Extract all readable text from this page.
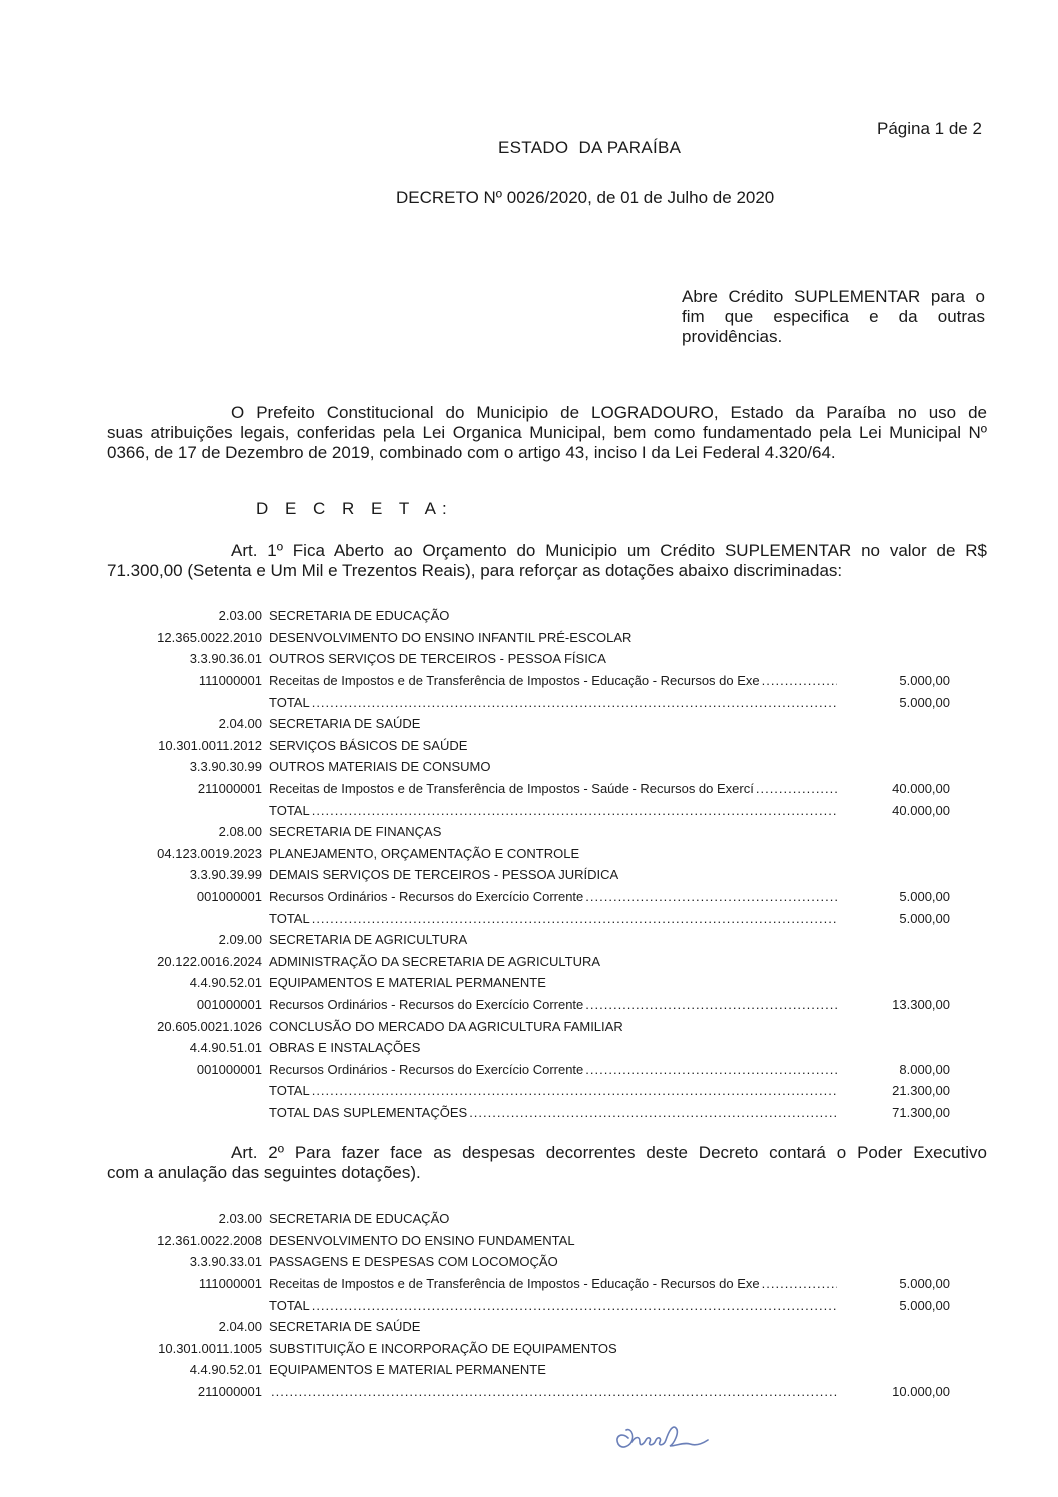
Página 1 de 2
ESTADO  DA PARAÍBA
DECRETO Nº 0026/2020, de 01 de Julho de 2020
Abre Crédito SUPLEMENTAR para o
fim que especifica e da outras
providências.
O Prefeito Constitucional do Municipio de LOGRADOURO, Estado da Paraíba no uso de
suas atribuições legais, conferidas pela Lei Organica Municipal, bem como fundamentado pela Lei Municipal Nº
0366, de 17 de Dezembro de 2019, combinado com o artigo 43, inciso I da Lei Federal 4.320/64.
D E C R E T A:
Art. 1º Fica Aberto ao Orçamento do Municipio um Crédito SUPLEMENTAR no valor de R$
71.300,00 (Setenta e Um Mil e Trezentos Reais), para reforçar as dotações abaixo discriminadas:
2.03.00 SECRETARIA DE EDUCAÇÃO
12.365.0022.2010 DESENVOLVIMENTO DO ENSINO INFANTIL PRÉ-ESCOLAR
3.3.90.36.01 OUTROS SERVIÇOS DE TERCEIROS - PESSOA FÍSICA
111000001 Receitas de Impostos e de Transferência de Impostos - Educação - Recursos do Exe .....	5.000,00
TOTAL .....	5.000,00
2.04.00 SECRETARIA DE SAÚDE
10.301.0011.2012 SERVIÇOS BÁSICOS DE SAÚDE
3.3.90.30.99 OUTROS MATERIAIS DE CONSUMO
211000001 Receitas de Impostos e de Transferência de Impostos - Saúde - Recursos do Exercí .....	40.000,00
TOTAL .....	40.000,00
2.08.00 SECRETARIA DE FINANÇAS
04.123.0019.2023 PLANEJAMENTO, ORÇAMENTAÇÃO E CONTROLE
3.3.90.39.99 DEMAIS SERVIÇOS DE TERCEIROS - PESSOA JURÍDICA
001000001 Recursos Ordinários - Recursos do Exercício Corrente .....	5.000,00
TOTAL .....	5.000,00
2.09.00 SECRETARIA DE AGRICULTURA
20.122.0016.2024 ADMINISTRAÇÃO DA SECRETARIA DE AGRICULTURA
4.4.90.52.01 EQUIPAMENTOS E MATERIAL PERMANENTE
001000001 Recursos Ordinários - Recursos do Exercício Corrente .....	13.300,00
20.605.0021.1026 CONCLUSÃO DO MERCADO DA AGRICULTURA FAMILIAR
4.4.90.51.01 OBRAS E INSTALAÇÕES
001000001 Recursos Ordinários - Recursos do Exercício Corrente .....	8.000,00
TOTAL .....	21.300,00
TOTAL DAS SUPLEMENTAÇÕES .....	71.300,00
Art. 2º Para fazer face as despesas decorrentes deste Decreto contará o Poder Executivo
com a anulação das seguintes dotações).
2.03.00 SECRETARIA DE EDUCAÇÃO
12.361.0022.2008 DESENVOLVIMENTO DO ENSINO FUNDAMENTAL
3.3.90.33.01 PASSAGENS E DESPESAS COM LOCOMOÇÃO
111000001 Receitas de Impostos e de Transferência de Impostos - Educação - Recursos do Exe .....	5.000,00
TOTAL .....	5.000,00
2.04.00 SECRETARIA DE SAÚDE
10.301.0011.1005 SUBSTITUIÇÃO E INCORPORAÇÃO DE EQUIPAMENTOS
4.4.90.52.01 EQUIPAMENTOS E MATERIAL PERMANENTE
211000001 .....	10.000,00
